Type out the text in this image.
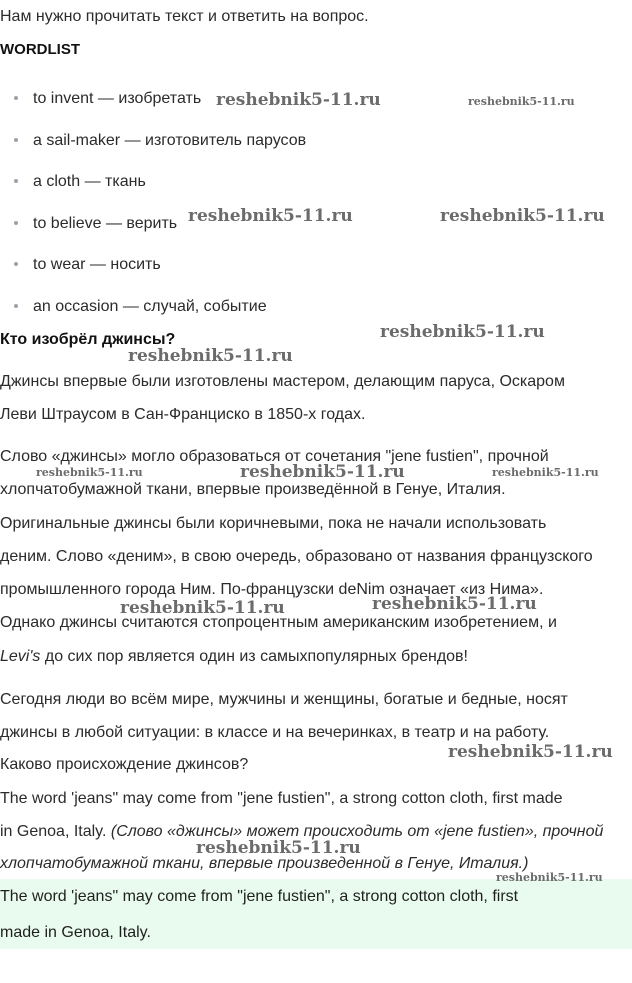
Нам нужно прочитать текст и ответить на вопрос.
WORDLIST
to invent — изобретать
a sail-maker — изготовитель парусов
a cloth — ткань
to believe — верить
to wear — носить
an occasion — случай, событие
Кто изобрёл джинсы?
Джинсы впервые были изготовлены мастером, делающим паруса, Оскаром
Леви Штраусом в Сан-Франциско в 1850-х годах.
Слово «джинсы» могло образоваться от сочетания "jene fustien", прочной
хлопчатобумажной ткани, впервые произведённой в Генуе, Италия.
Оригинальные джинсы были коричневыми, пока не начали использовать
деним. Слово «деним», в свою очередь, образовано от названия французского
промышленного города Ним. По-французски deNim означает «из Нима».
Однако джинсы считаются стопроцентным американским изобретением, и
Levi's до сих пор является один из самыхпопулярных брендов!
Сегодня люди во всём мире, мужчины и женщины, богатые и бедные, носят
джинсы в любой ситуации: в классе и на вечеринках, в театр и на работу.
Каково происхождение джинсов?
The word 'jeans" may come from "jene fustien", a strong cotton cloth, first made
in Genoa, Italy. (Слово «джинсы» может происходить от «jene fustien», прочной
хлопчатобумажной ткани, впервые произведенной в Генуе, Италия.)
The word 'jeans" may come from "jene fustien", a strong cotton cloth, first
made in Genoa, Italy.
reshebnik5-11.ru	reshebnik5-11.ru
reshebnik5-11.ru	reshebnik5-11.ru
reshebnik5-11.ru
reshebnik5-11.ru
reshebnik5-11.ru	reshebnik5-11.ru	reshebnik5-11.ru
reshebnik5-11.ru	reshebnik5-11.ru
reshebnik5-11.ru
reshebnik5-11.ru
reshebnik5-11.ru
